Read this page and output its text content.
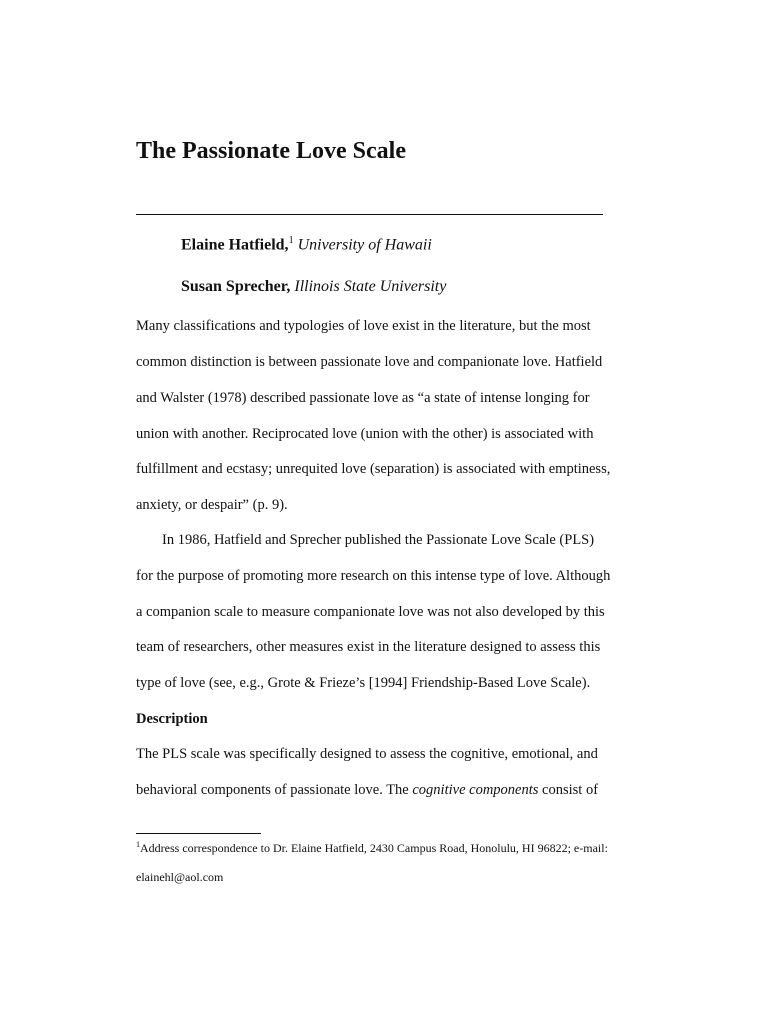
The Passionate Love Scale
Elaine Hatfield,$^1$ University of Hawaii
Susan Sprecher, Illinois State University
Many classifications and typologies of love exist in the literature, but the most
common distinction is between passionate love and companionate love. Hatfield
and Walster (1978) described passionate love as “a state of intense longing for
union with another. Reciprocated love (union with the other) is associated with
fulfillment and ecstasy; unrequited love (separation) is associated with emptiness,
anxiety, or despair” (p. 9).
In 1986, Hatfield and Sprecher published the Passionate Love Scale (PLS)
for the purpose of promoting more research on this intense type of love. Although
a companion scale to measure companionate love was not also developed by this
team of researchers, other measures exist in the literature designed to assess this
type of love (see, e.g., Grote & Frieze’s [1994] Friendship-Based Love Scale).
Description
The PLS scale was specifically designed to assess the cognitive, emotional, and
behavioral components of passionate love. The cognitive components consist of
$^1$Address correspondence to Dr. Elaine Hatfield, 2430 Campus Road, Honolulu, HI 96822; e-mail:
elainehl@aol.com
